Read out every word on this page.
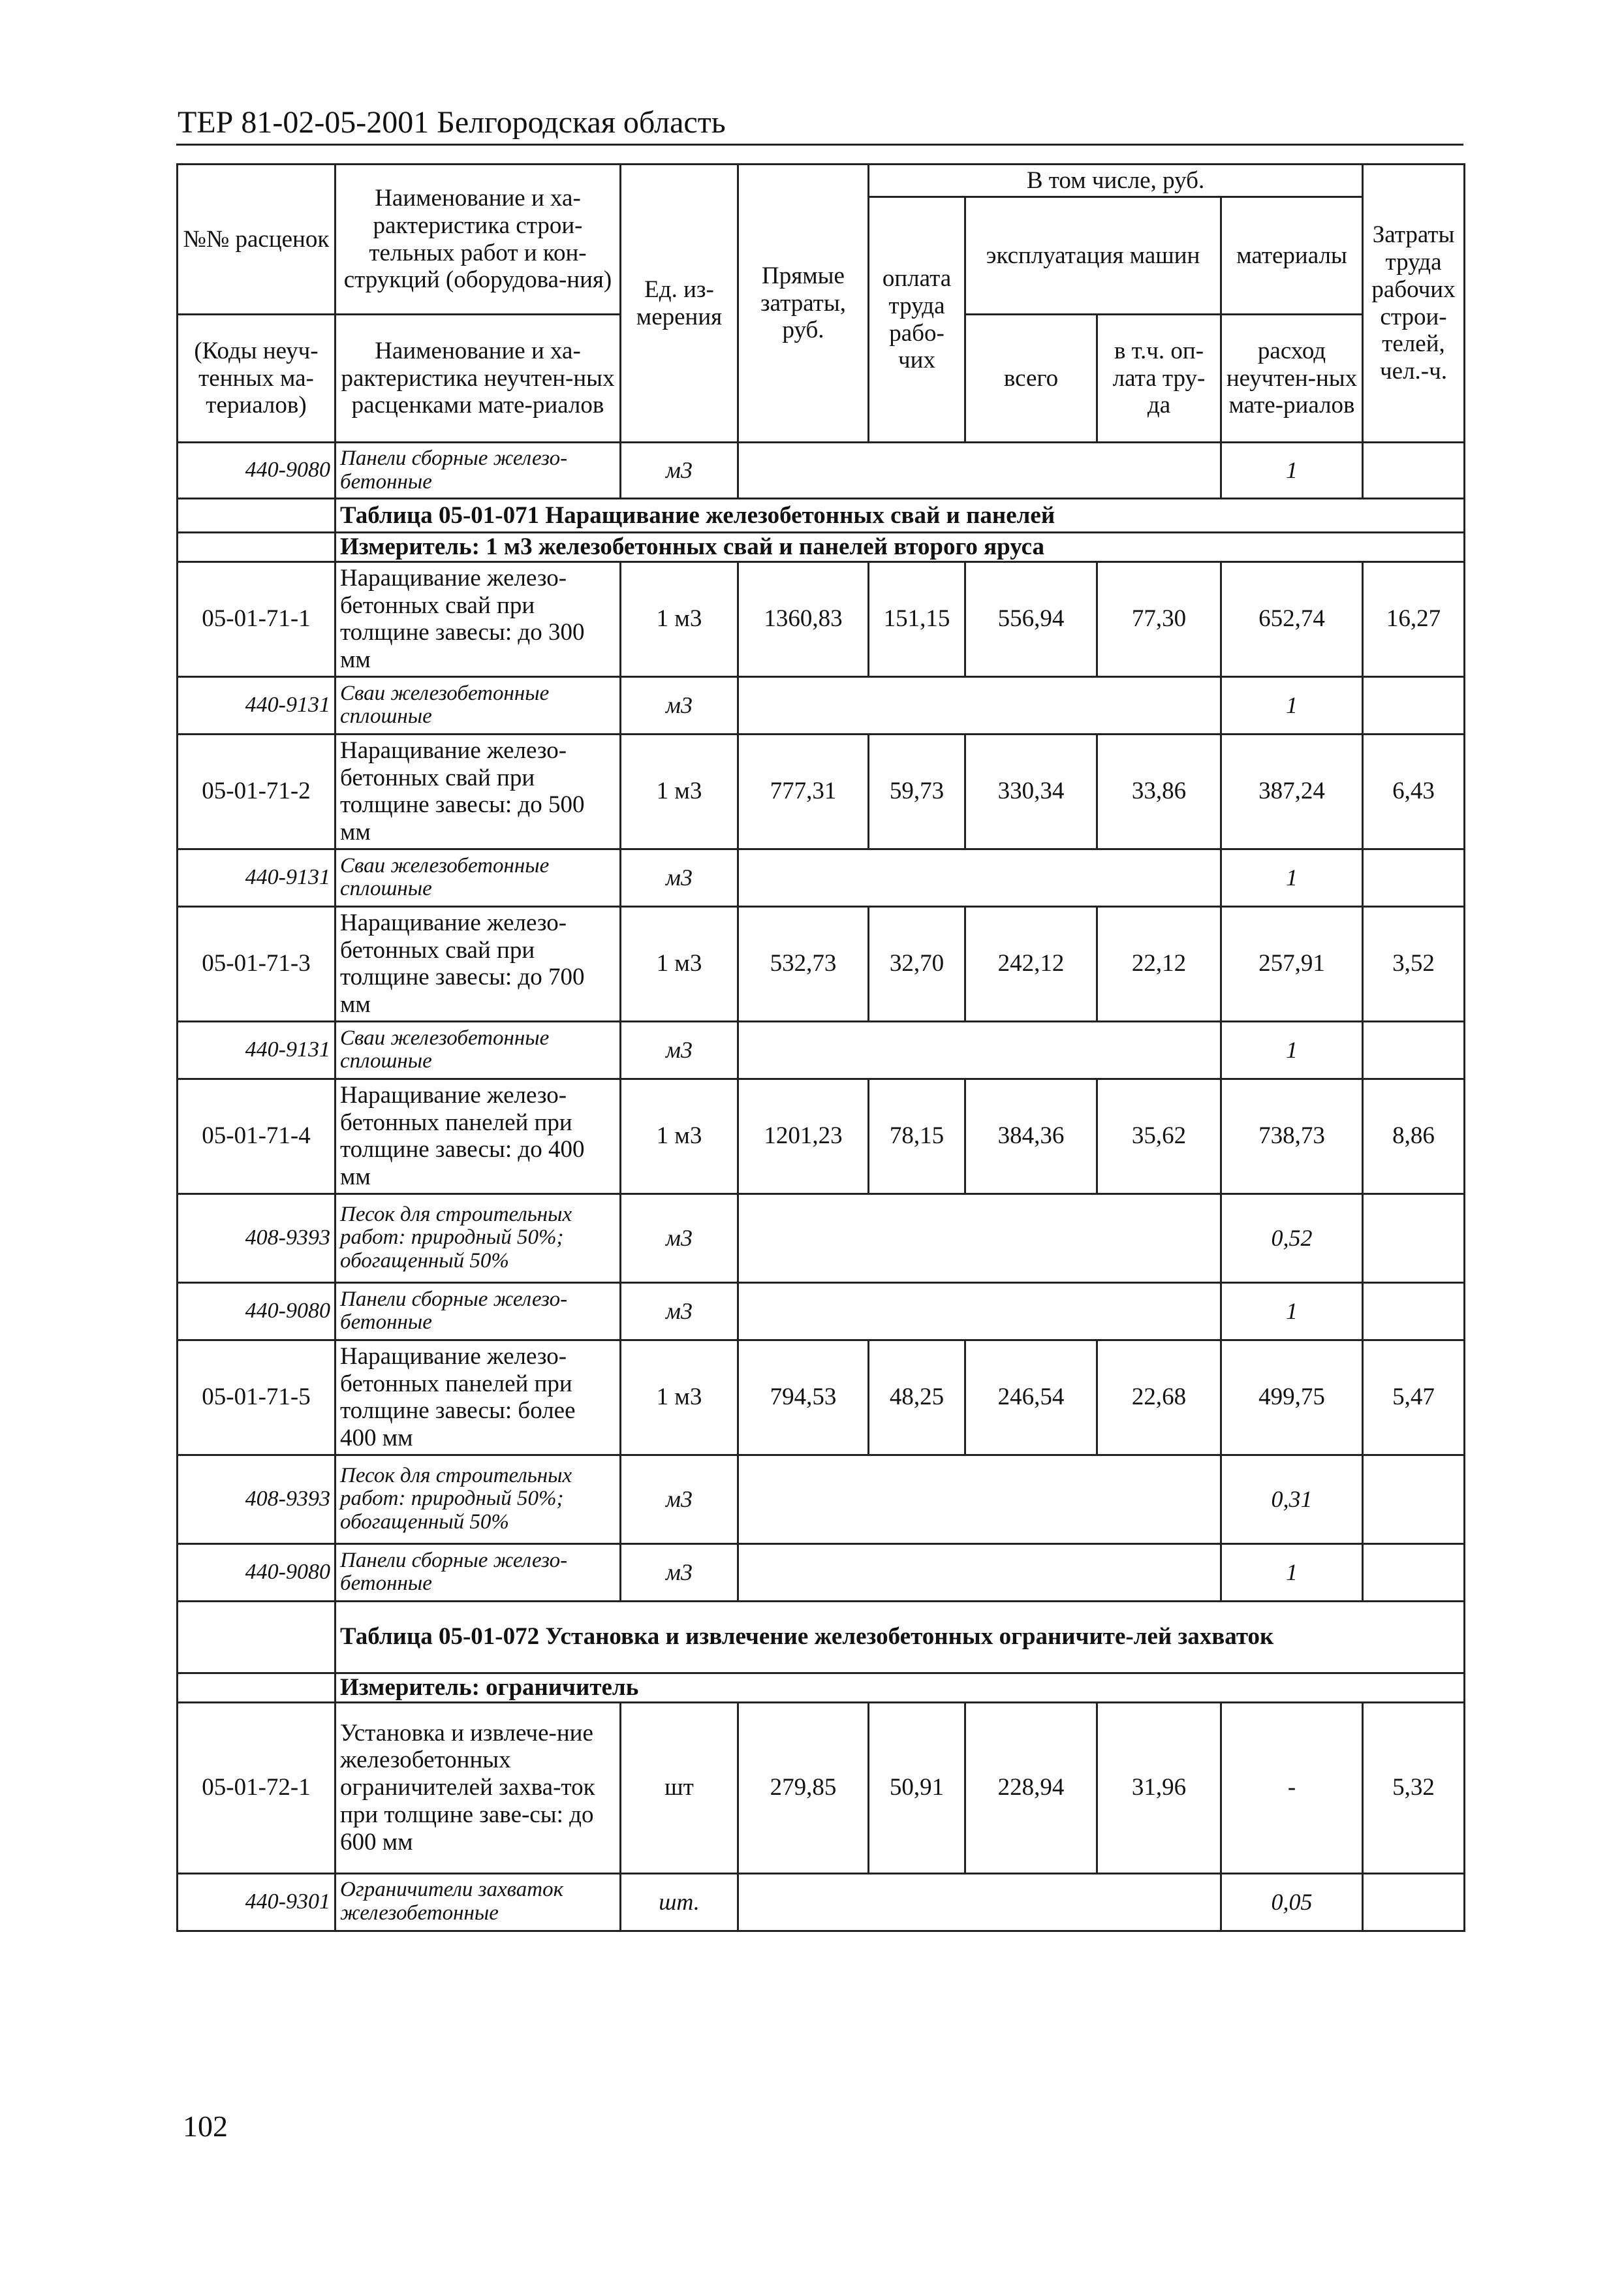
ТЕР 81-02-05-2001 Белгородская область
№№ расценок	Наименование и ха-рактеристика строи-тельных работ и кон-струкций (оборудова-ния)	Ед. из-мерения	Прямые затраты, руб.	В том числе, руб.				Затраты труда рабочих строи-телей, чел.-ч.
				оплата труда рабо-чих	эксплуатация машин		материалы	
(Коды неуч-тенных ма-териалов)	Наименование и ха-рактеристика неучтен-ных расценками мате-риалов				всего	в т.ч. оп-лата тру-да	расход неучтен-ных мате-риалов	
440-9080	Панели сборные железо-бетонные	м3					1	
	Таблица 05-01-071 Наращивание железобетонных свай и панелей							
	Измеритель: 1 м3 железобетонных свай и панелей второго яруса							
05-01-71-1	Наращивание железо-бетонных свай при толщине завесы: до 300 мм	1 м3	1360,83	151,15	556,94	77,30	652,74	16,27
440-9131	Сваи железобетонные сплошные	м3					1	
05-01-71-2	Наращивание железо-бетонных свай при толщине завесы: до 500 мм	1 м3	777,31	59,73	330,34	33,86	387,24	6,43
440-9131	Сваи железобетонные сплошные	м3					1	
05-01-71-3	Наращивание железо-бетонных свай при толщине завесы: до 700 мм	1 м3	532,73	32,70	242,12	22,12	257,91	3,52
440-9131	Сваи железобетонные сплошные	м3					1	
05-01-71-4	Наращивание железо-бетонных панелей при толщине завесы: до 400 мм	1 м3	1201,23	78,15	384,36	35,62	738,73	8,86
408-9393	Песок для строительных работ: природный 50%; обогащенный 50%	м3					0,52	
440-9080	Панели сборные железо-бетонные	м3					1	
05-01-71-5	Наращивание железо-бетонных панелей при толщине завесы: более 400 мм	1 м3	794,53	48,25	246,54	22,68	499,75	5,47
408-9393	Песок для строительных работ: природный 50%; обогащенный 50%	м3					0,31	
440-9080	Панели сборные железо-бетонные	м3					1	
	Таблица 05-01-072 Установка и извлечение железобетонных ограничите-лей захваток							
	Измеритель: ограничитель							
05-01-72-1	Установка и извлече-ние железобетонных ограничителей захва-ток при толщине заве-сы: до 600 мм	шт	279,85	50,91	228,94	31,96	-	5,32
440-9301	Ограничители захваток железобетонные	шт.					0,05	
102
